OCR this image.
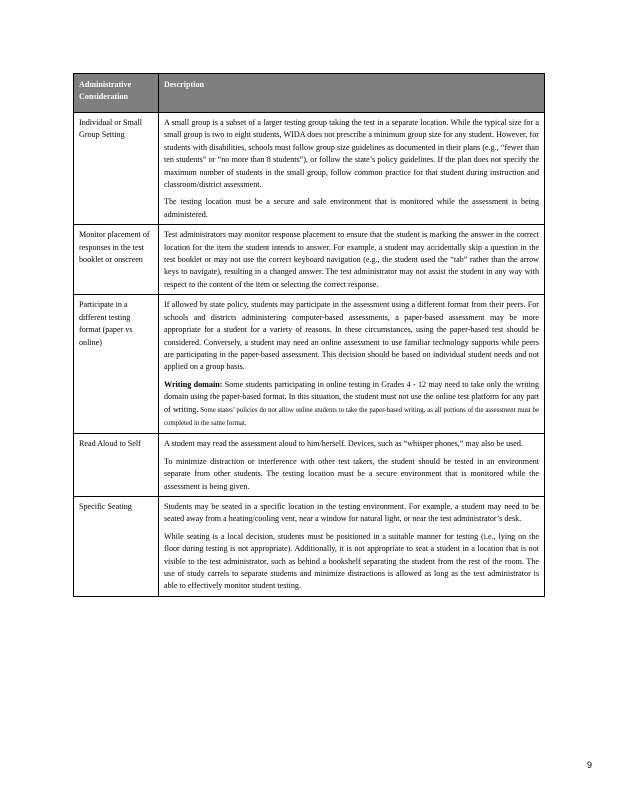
Administrative Consideration	Description
Individual or Small Group Setting	A small group is a subset of a larger testing group taking the test in a separate location. While the typical size for a small group is two to eight students, WIDA does not prescribe a minimum group size for any student. However, for students with disabilities, schools must follow group size guidelines as documented in their plans (e.g., “fewer than ten students” or “no more than 8 students”), or follow the state’s policy guidelines. If the plan does not specify the maximum number of students in the small group, follow common practice for that student during instruction and classroom/district assessment.

The testing location must be a secure and safe environment that is monitored while the assessment is being administered.

Monitor placement of responses in the test booklet or onscreen	Test administrators may monitor response placement to ensure that the student is marking the answer in the correct location for the item the student intends to answer. For example, a student may accidentally skip a question in the test booklet or may not use the correct keyboard navigation (e.g., the student used the “tab” rather than the arrow keys to navigate), resulting in a changed answer. The test administrator may not assist the student in any way with respect to the content of the item or selecting the correct response.

Participate in a different testing format (paper vs online)	If allowed by state policy, students may participate in the assessment using a different format from their peers. For schools and districts administering computer-based assessments, a paper-based assessment may be more appropriate for a student for a variety of reasons. In these circumstances, using the paper-based test should be considered. Conversely, a student may need an online assessment to use familiar technology supports while peers are participating in the paper-based assessment. This decision should be based on individual student needs and not applied on a group basis.

Writing domain: Some students participating in online testing in Grades 4 - 12 may need to take only the writing domain using the paper-based format. In this situation, the student must not use the online test platform for any part of writing. Some states’ policies do not allow online students to take the paper-based writing, as all portions of the assessment must be completed in the same format.

Read Aloud to Self	A student may read the assessment aloud to him/herself. Devices, such as “whisper phones,” may also be used.

To minimize distraction or interference with other test takers, the student should be tested in an environment separate from other students. The testing location must be a secure environment that is monitored while the assessment is being given.

Specific Seating	Students may be seated in a specific location in the testing environment. For example, a student may need to be seated away from a heating/cooling vent, near a window for natural light, or near the test administrator’s desk.

While seating is a local decision, students must be positioned in a suitable manner for testing (i.e., lying on the floor during testing is not appropriate). Additionally, it is not appropriate to seat a student in a location that is not visible to the test administrator, such as behind a bookshelf separating the student from the rest of the room. The use of study carrels to separate students and minimize distractions is allowed as long as the test administrator is able to effectively monitor student testing.

9
